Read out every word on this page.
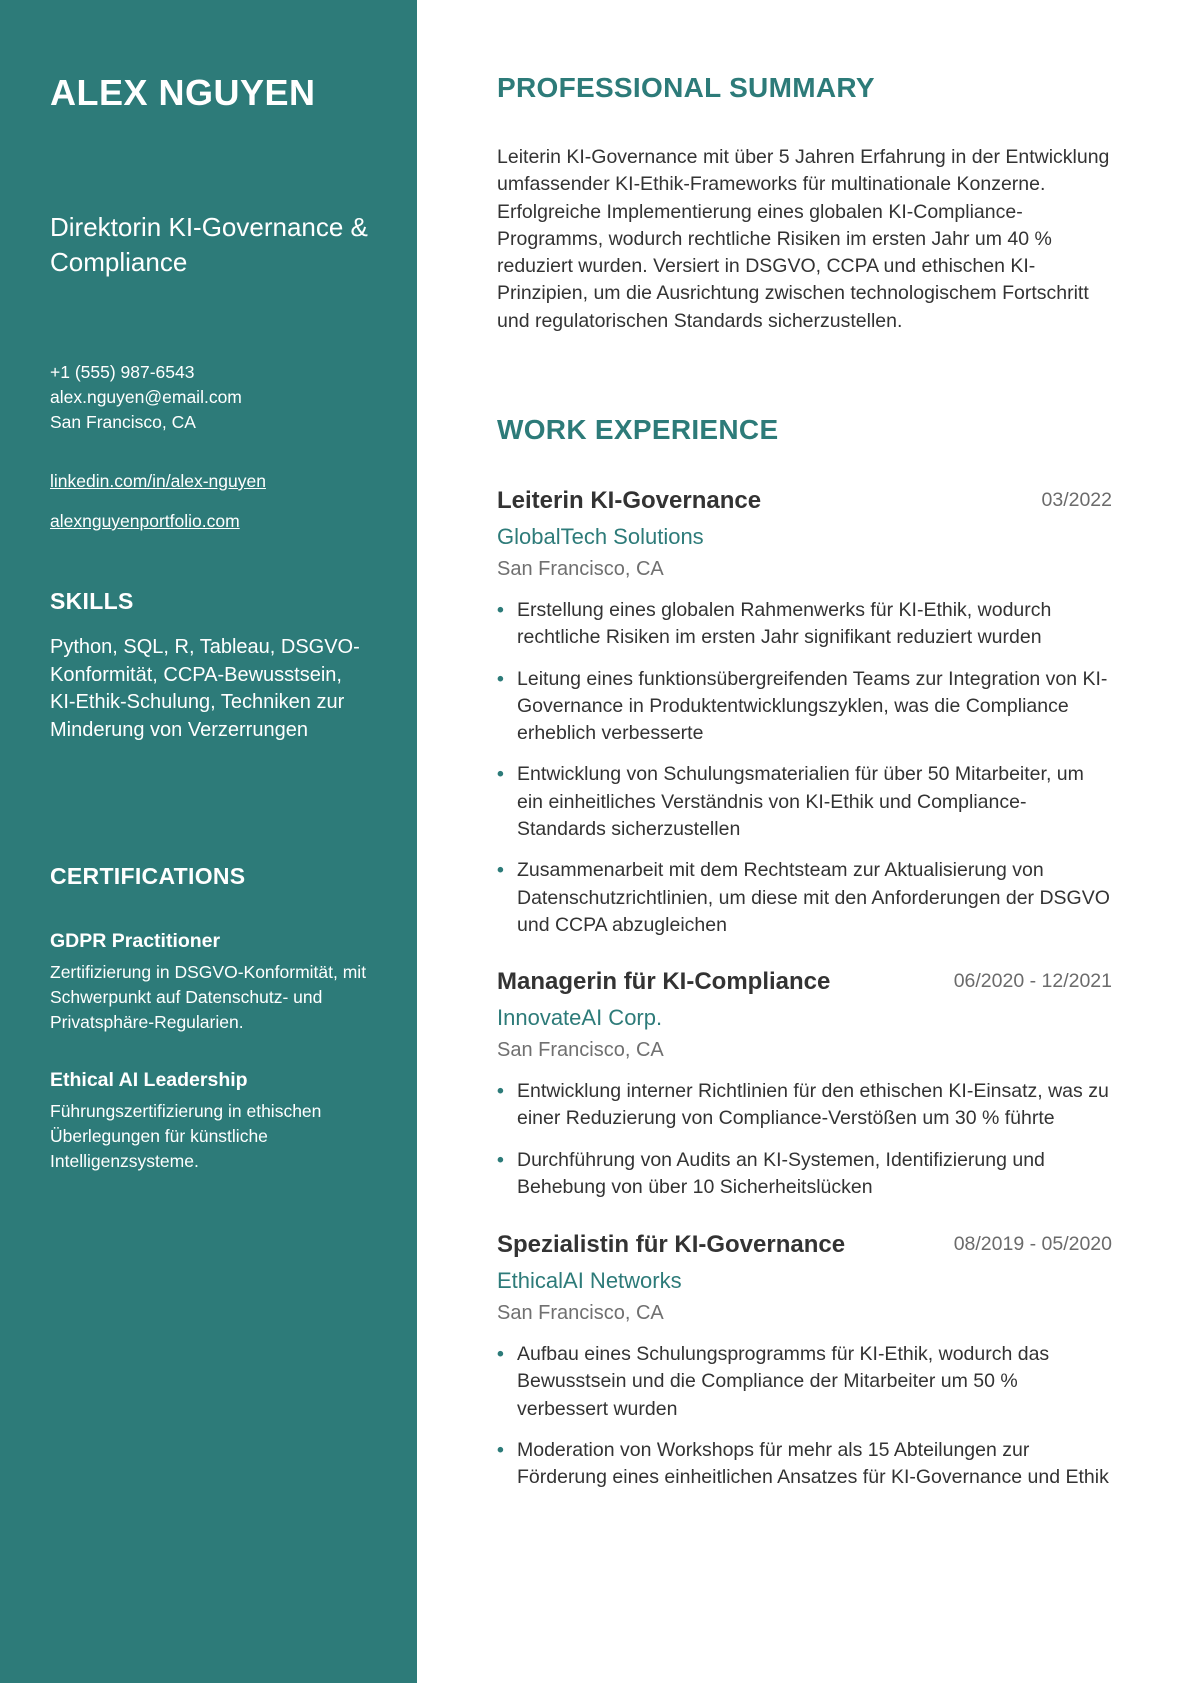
ALEX NGUYEN
Direktorin KI-Governance & Compliance
+1 (555) 987-6543
alex.nguyen@email.com
San Francisco, CA
linkedin.com/in/alex-nguyen
alexnguyenportfolio.com
SKILLS
Python, SQL, R, Tableau, DSGVO-Konformität, CCPA-Bewusstsein, KI-Ethik-Schulung, Techniken zur Minderung von Verzerrungen
CERTIFICATIONS
GDPR Practitioner
Zertifizierung in DSGVO-Konformität, mit Schwerpunkt auf Datenschutz- und Privatsphäre-Regularien.
Ethical AI Leadership
Führungszertifizierung in ethischen Überlegungen für künstliche Intelligenzsysteme.
PROFESSIONAL SUMMARY

Leiterin KI-Governance mit über 5 Jahren Erfahrung in der Entwicklung umfassender KI-Ethik-Frameworks für multinationale Konzerne. Erfolgreiche Implementierung eines globalen KI-Compliance-Programms, wodurch rechtliche Risiken im ersten Jahr um 40 % reduziert wurden. Versiert in DSGVO, CCPA und ethischen KI-Prinzipien, um die Ausrichtung zwischen technologischem Fortschritt und regulatorischen Standards sicherzustellen.

WORK EXPERIENCE
Leiterin KI-Governance	03/2022
GlobalTech Solutions
San Francisco, CA
• Erstellung eines globalen Rahmenwerks für KI-Ethik, wodurch rechtliche Risiken im ersten Jahr signifikant reduziert wurden
• Leitung eines funktionsübergreifenden Teams zur Integration von KI-Governance in Produktentwicklungszyklen, was die Compliance erheblich verbesserte
• Entwicklung von Schulungsmaterialien für über 50 Mitarbeiter, um ein einheitliches Verständnis von KI-Ethik und Compliance-Standards sicherzustellen
• Zusammenarbeit mit dem Rechtsteam zur Aktualisierung von Datenschutzrichtlinien, um diese mit den Anforderungen der DSGVO und CCPA abzugleichen
Managerin für KI-Compliance	06/2020 - 12/2021
InnovateAI Corp.
San Francisco, CA
• Entwicklung interner Richtlinien für den ethischen KI-Einsatz, was zu einer Reduzierung von Compliance-Verstößen um 30 % führte
• Durchführung von Audits an KI-Systemen, Identifizierung und Behebung von über 10 Sicherheitslücken
Spezialistin für KI-Governance	08/2019 - 05/2020
EthicalAI Networks
San Francisco, CA
• Aufbau eines Schulungsprogramms für KI-Ethik, wodurch das Bewusstsein und die Compliance der Mitarbeiter um 50 % verbessert wurden
• Moderation von Workshops für mehr als 15 Abteilungen zur Förderung eines einheitlichen Ansatzes für KI-Governance und Ethik
